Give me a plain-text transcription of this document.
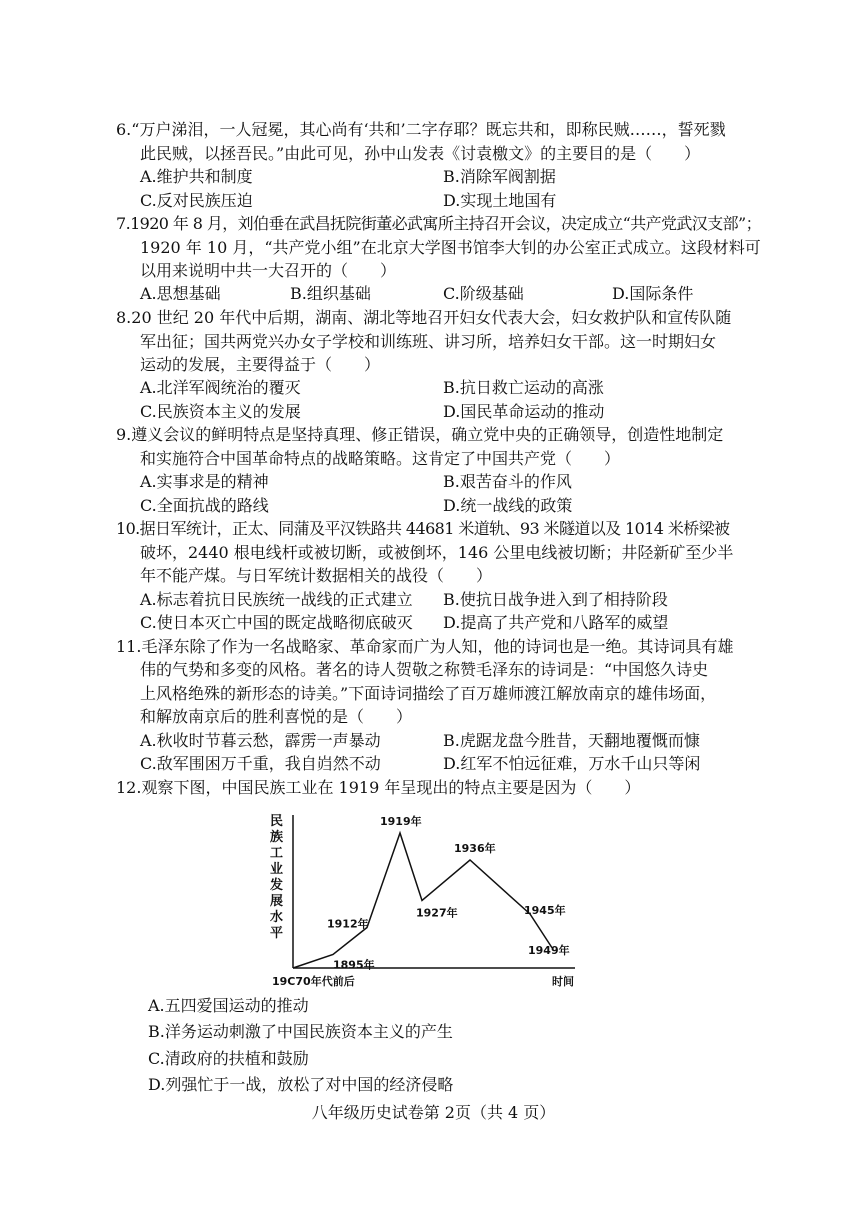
6.“万户涕泪，一人冠冕，其心尚有‘共和’二字存耶？既忘共和，即称民贼……，誓死戮
此民贼，以拯吾民。”由此可见，孙中山发表《讨袁檄文》的主要目的是（　　）
A.维护共和制度	B.消除军阀割据
C.反对民族压迫	D.实现土地国有
7.1920 年 8 月，刘伯垂在武昌抚院街董必武寓所主持召开会议，决定成立“共产党武汉支部”；
1920 年 10 月，“共产党小组”在北京大学图书馆李大钊的办公室正式成立。这段材料可
以用来说明中共一大召开的（　　）
A.思想基础	B.组织基础	C.阶级基础	D.国际条件
8.20 世纪 20 年代中后期，湖南、湖北等地召开妇女代表大会，妇女救护队和宣传队随
军出征；国共两党兴办女子学校和训练班、讲习所，培养妇女干部。这一时期妇女
运动的发展，主要得益于（　　）
A.北洋军阀统治的覆灭	B.抗日救亡运动的高涨
C.民族资本主义的发展	D.国民革命运动的推动
9.遵义会议的鲜明特点是坚持真理、修正错误，确立党中央的正确领导，创造性地制定
和实施符合中国革命特点的战略策略。这肯定了中国共产党（　　）
A.实事求是的精神	B.艰苦奋斗的作风
C.全面抗战的路线	D.统一战线的政策
10.据日军统计，正太、同蒲及平汉铁路共 44681 米道轨、93 米隧道以及 1014 米桥梁被
破坏，2440 根电线杆或被切断，或被倒坏，146 公里电线被切断；井陉新矿至少半
年不能产煤。与日军统计数据相关的战役（　　）
A.标志着抗日民族统一战线的正式建立 B.使抗日战争进入到了相持阶段
C.使日本灭亡中国的既定战略彻底破灭 D.提高了共产党和八路军的威望
11.毛泽东除了作为一名战略家、革命家而广为人知，他的诗词也是一绝。其诗词具有雄
伟的气势和多变的风格。著名的诗人贺敬之称赞毛泽东的诗词是：“中国悠久诗史
上风格绝殊的新形态的诗美。”下面诗词描绘了百万雄师渡江解放南京的雄伟场面，
和解放南京后的胜利喜悦的是（　　）
A.秋收时节暮云愁，霹雳一声暴动	B.虎踞龙盘今胜昔，天翻地覆慨而慷
C.敌军围困万千重，我自岿然不动	D.红军不怕远征难，万水千山只等闲
12.观察下图，中国民族工业在 1919 年呈现出的特点主要是因为（　　）
1895年
1912年
1919年
1927年
1936年
1945年
1949年
19C70年代前后	时间
民
族
工
业
发
展
水
平
A.五四爱国运动的推动
B.洋务运动刺激了中国民族资本主义的产生
C.清政府的扶植和鼓励
D.列强忙于一战，放松了对中国的经济侵略
八年级历史试卷第 2页（共 4 页）
